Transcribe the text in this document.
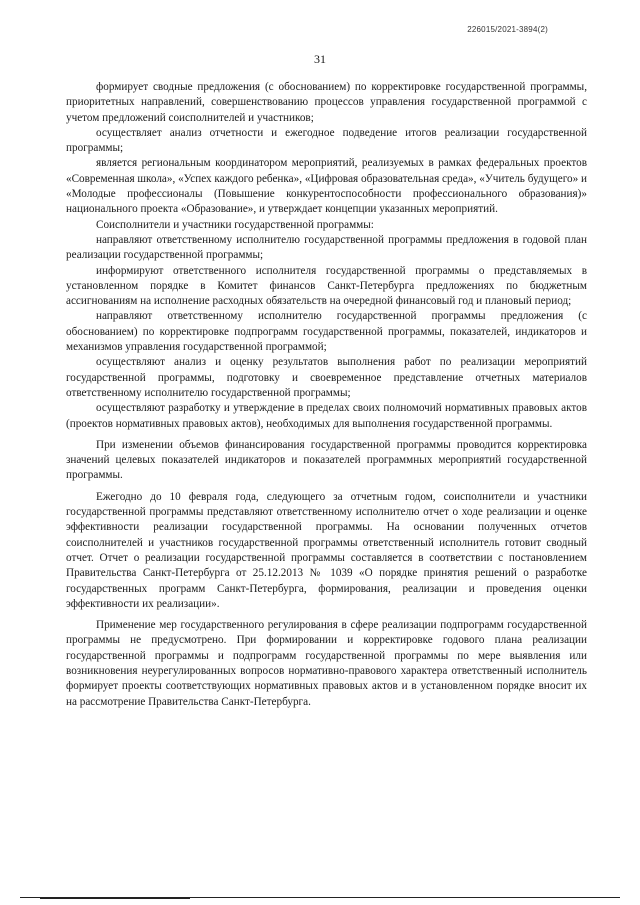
226015/2021-3894(2)
31

формирует сводные предложения (с обоснованием) по корректировке государственной программы, приоритетных направлений, совершенствованию процессов управления государственной программой с учетом предложений соисполнителей и участников;

осуществляет анализ отчетности и ежегодное подведение итогов реализации государственной программы;

является региональным координатором мероприятий, реализуемых в рамках федеральных проектов «Современная школа», «Успех каждого ребенка», «Цифровая образовательная среда», «Учитель будущего» и «Молодые профессионалы (Повышение конкурентоспособности профессионального образования)» национального проекта «Образование», и утверждает концепции указанных мероприятий.

Соисполнители и участники государственной программы:

направляют ответственному исполнителю государственной программы предложения в годовой план реализации государственной программы;

информируют ответственного исполнителя государственной программы о представляемых в установленном порядке в Комитет финансов Санкт-Петербурга предложениях по бюджетным ассигнованиям на исполнение расходных обязательств на очередной финансовый год и плановый период;

направляют ответственному исполнителю государственной программы предложения (с обоснованием) по корректировке подпрограмм государственной программы, показателей, индикаторов и механизмов управления государственной программой;

осуществляют анализ и оценку результатов выполнения работ по реализации мероприятий государственной программы, подготовку и своевременное представление отчетных материалов ответственному исполнителю государственной программы;

осуществляют разработку и утверждение в пределах своих полномочий нормативных правовых актов (проектов нормативных правовых актов), необходимых для выполнения государственной программы.

При изменении объемов финансирования государственной программы проводится корректировка значений целевых показателей индикаторов и показателей программных мероприятий государственной программы.

Ежегодно до 10 февраля года, следующего за отчетным годом, соисполнители и участники государственной программы представляют ответственному исполнителю отчет о ходе реализации и оценке эффективности реализации государственной программы. На основании полученных отчетов соисполнителей и участников государственной программы ответственный исполнитель готовит сводный отчет. Отчет о реализации государственной программы составляется в соответствии с постановлением Правительства Санкт-Петербурга от 25.12.2013 № 1039 «О порядке принятия решений о разработке государственных программ Санкт-Петербурга, формирования, реализации и проведения оценки эффективности их реализации».

Применение мер государственного регулирования в сфере реализации подпрограмм государственной программы не предусмотрено. При формировании и корректировке годового плана реализации государственной программы и подпрограмм государственной программы по мере выявления или возникновения неурегулированных вопросов нормативно-правового характера ответственный исполнитель формирует проекты соответствующих нормативных правовых актов и в установленном порядке вносит их на рассмотрение Правительства Санкт-Петербурга.
